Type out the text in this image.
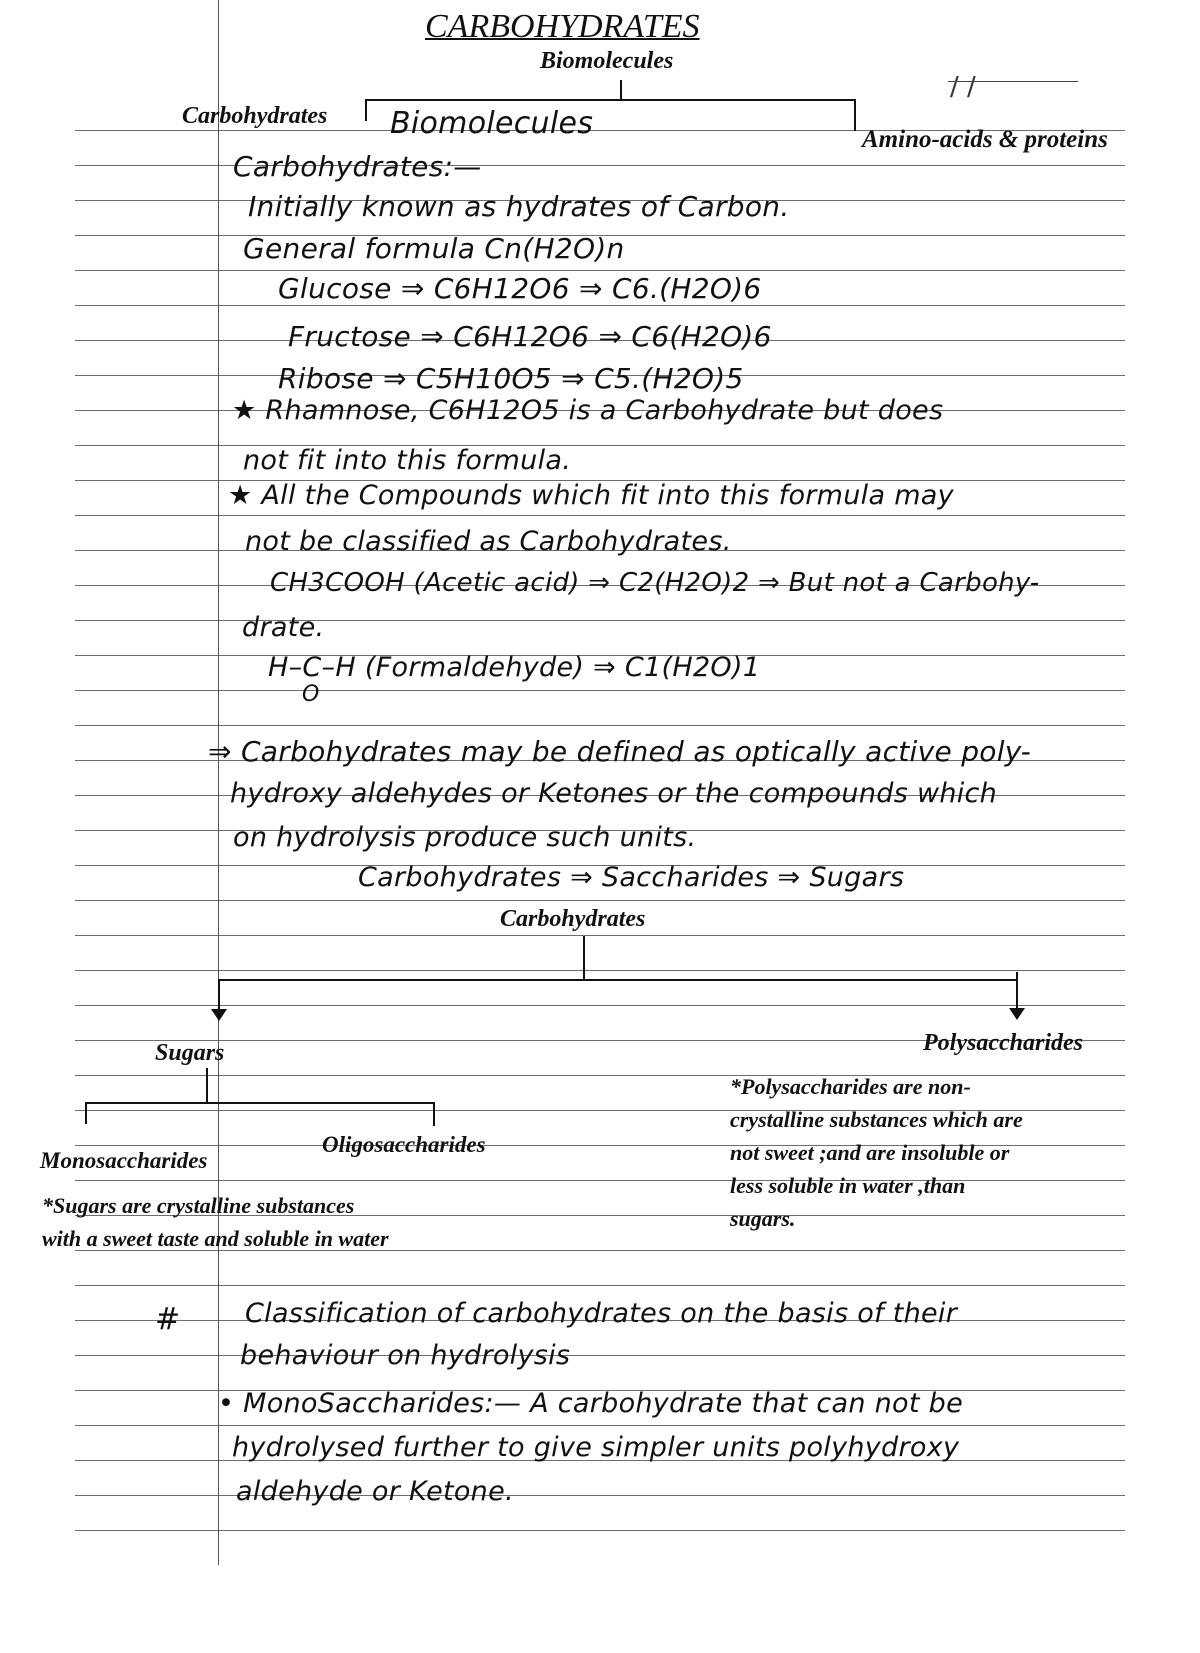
/ /
CARBOHYDRATES
Biomolecules
Carbohydrates
Amino-acids & proteins
Biomolecules
Carbohydrates:—
Initially known as hydrates of Carbon.
General formula Cn(H2O)n
Glucose ⇒ C6H12O6 ⇒ C6.(H2O)6
Fructose ⇒ C6H12O6 ⇒ C6(H2O)6
Ribose ⇒ C5H10O5 ⇒ C5.(H2O)5
★ Rhamnose, C6H12O5 is a Carbohydrate but does
not fit into this formula.
★ All the Compounds which fit into this formula may
not be classified as Carbohydrates.
CH3COOH (Acetic acid) ⇒ C2(H2O)2 ⇒ But not a Carbohy-
drate.
H–C–H (Formaldehyde) ⇒ C1(H2O)1
O
⇒ Carbohydrates may be defined as optically active poly-
hydroxy aldehydes or Ketones or the compounds which
on hydrolysis produce such units.
Carbohydrates ⇒ Saccharides ⇒ Sugars
Carbohydrates
Sugars	Polysaccharides
Monosaccharides
Oligosaccharides
*Sugars are crystalline substances
with a sweet taste and soluble in water
*Polysaccharides are non-
crystalline substances which are
not sweet ;and are insoluble or
less soluble in water ,than
sugars.
# Classification of carbohydrates on the basis of their
behaviour on hydrolysis
• MonoSaccharides:— A carbohydrate that can not be
hydrolysed further to give simpler units polyhydroxy
aldehyde or Ketone.
